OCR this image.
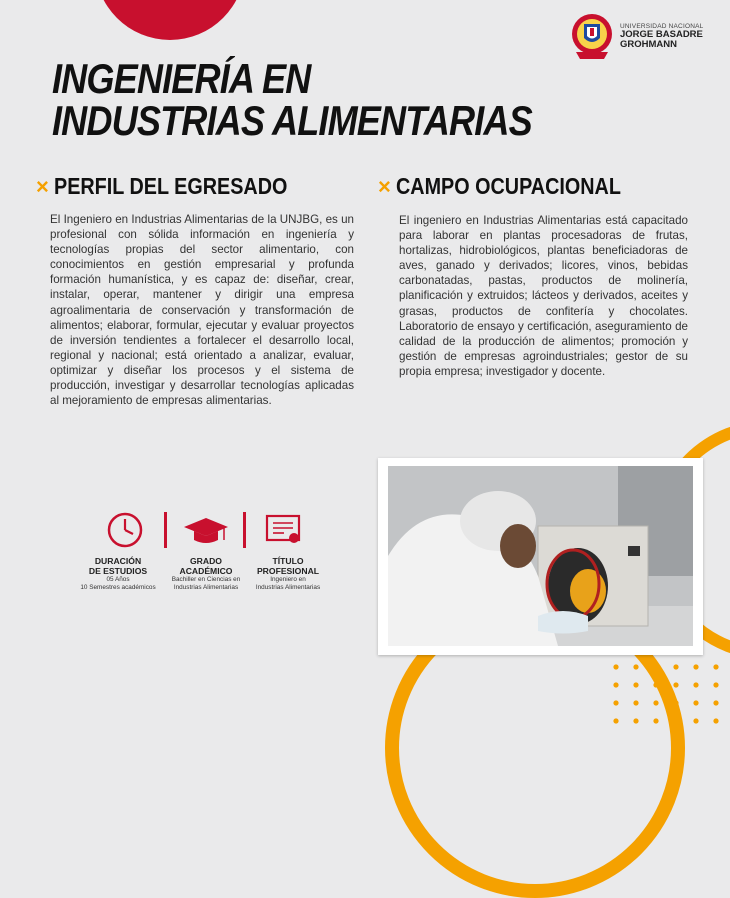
UNIVERSIDAD NACIONAL
JORGE BASADRE
GROHMANN
INGENIERÍA EN
INDUSTRIAS ALIMENTARIAS
× PERFIL DEL EGRESADO	× CAMPO OCUPACIONAL

El Ingeniero en Industrias Alimentarias de la UNJBG, es un profesional con sólida información en ingeniería y tecnologías propias del sector alimentario, con conocimientos en gestión empresarial y profunda formación humanística, y es capaz de: diseñar, crear, instalar, operar, mantener y dirigir una empresa agroalimentaria de conservación y transformación de alimentos; elaborar, formular, ejecutar y evaluar proyectos de inversión tendientes a fortalecer el desarrollo local, regional y nacional; está orientado a analizar, evaluar, optimizar y diseñar los procesos y el sistema de producción, investigar y desarrollar tecnologías aplicadas al mejoramiento de empresas alimentarias.

El ingeniero en Industrias Alimentarias está capacitado para laborar en plantas procesadoras de frutas, hortalizas, hidrobiológicos, plantas beneficiadoras de aves, ganado y derivados; licores, vinos, bebidas carbonatadas, pastas, productos de molinería, planificación y extruidos; lácteos y derivados, aceites y grasas, productos de confitería y chocolates. Laboratorio de ensayo y certificación, aseguramiento de calidad de la producción de alimentos; promoción y gestión de empresas agroindustriales; gestor de su propia empresa; investigador y docente.

DURACIÓN
DE ESTUDIOS
05 Años
10 Semestres académicos
GRADO
ACADÉMICO
Bachiller en Ciencias en
Industrias Alimentarias
TÍTULO
PROFESIONAL
Ingeniero en
Industrias Alimentarias
